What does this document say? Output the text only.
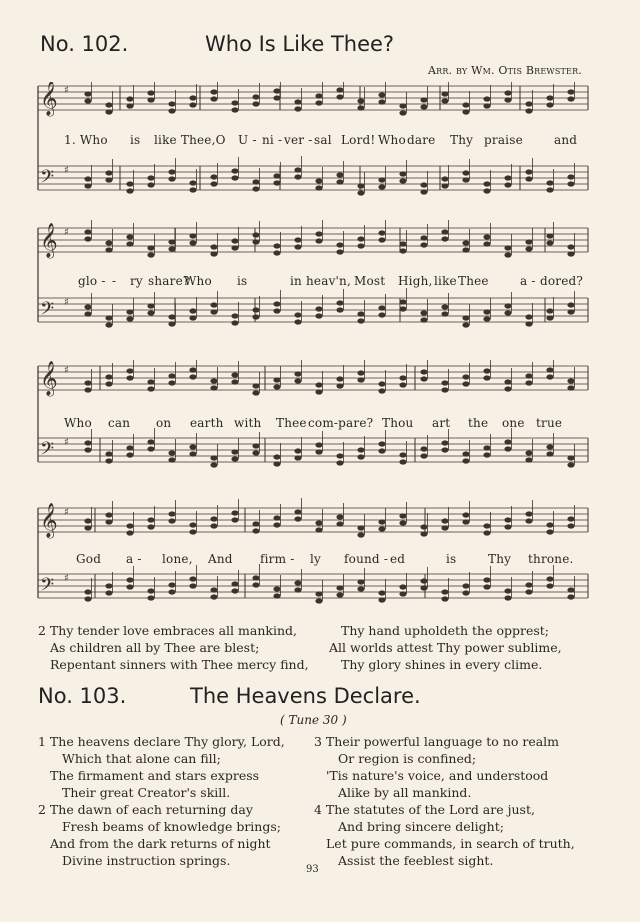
No. 102.	Who Is Like Thee?
Arr. by Wm. Otis Brewster.
𝄞 ♯
𝄢 ♯
1. Who is like Thee,O U - ni - ver - sal Lord! Who dare Thy praise	and
𝄞 ♯
𝄢 ♯
glo - - ry share?
Who is	in heav'n, Most High, like Thee	a - dored?
𝄞 ♯
𝄢 ♯
Who can on earth with Thee com-pare? Thou art the one true
𝄞 ♯
𝄢 ♯
God a - lone, And firm - ly found - ed	is	Thy throne.
2 Thy tender love embraces all mankind,
As children all by Thee are blest;
Repentant sinners with Thee mercy find,
Thy hand upholdeth the opprest;
All worlds attest Thy power sublime,
Thy glory shines in every clime.
No. 103.	The Heavens Declare.
( Tune 30 )
1 The heavens declare Thy glory, Lord,
Which that alone can fill;
The firmament and stars express
Their great Creator's skill.
2 The dawn of each returning day
Fresh beams of knowledge brings;
And from the dark returns of night
Divine instruction springs.
3 Their powerful language to no realm
Or region is confined;
'Tis nature's voice, and understood
Alike by all mankind.
4 The statutes of the Lord are just,
And bring sincere delight;
Let pure commands, in search of truth,
Assist the feeblest sight.
93
